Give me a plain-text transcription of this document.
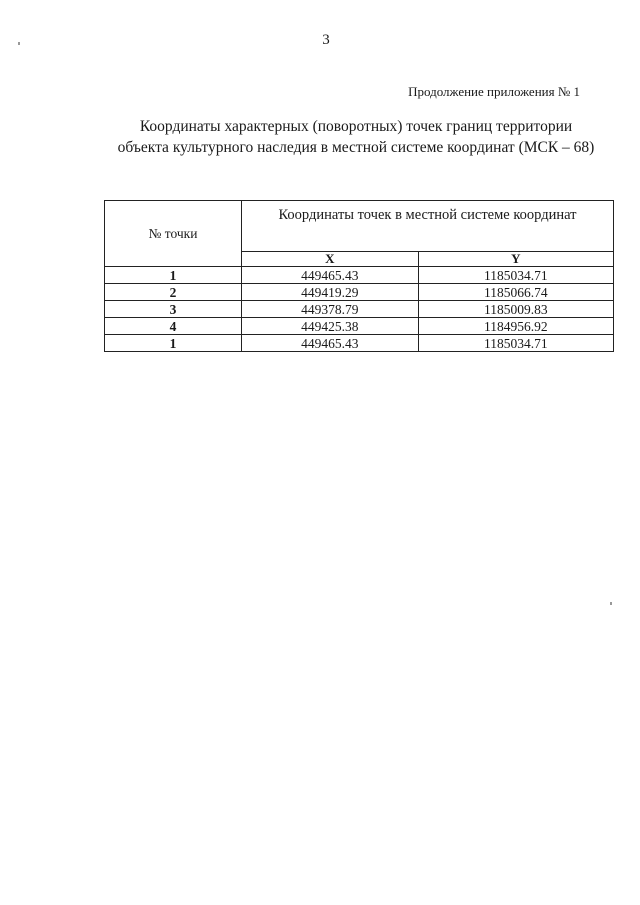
3
Продолжение приложения № 1
Координаты характерных (поворотных) точек границ территории
объекта культурного наследия в местной системе координат (МСК – 68)
№ точки	Координаты точек в местной системе координат	
	X	Y
1	449465.43	1185034.71
2	449419.29	1185066.74
3	449378.79	1185009.83
4	449425.38	1184956.92
1	449465.43	1185034.71
